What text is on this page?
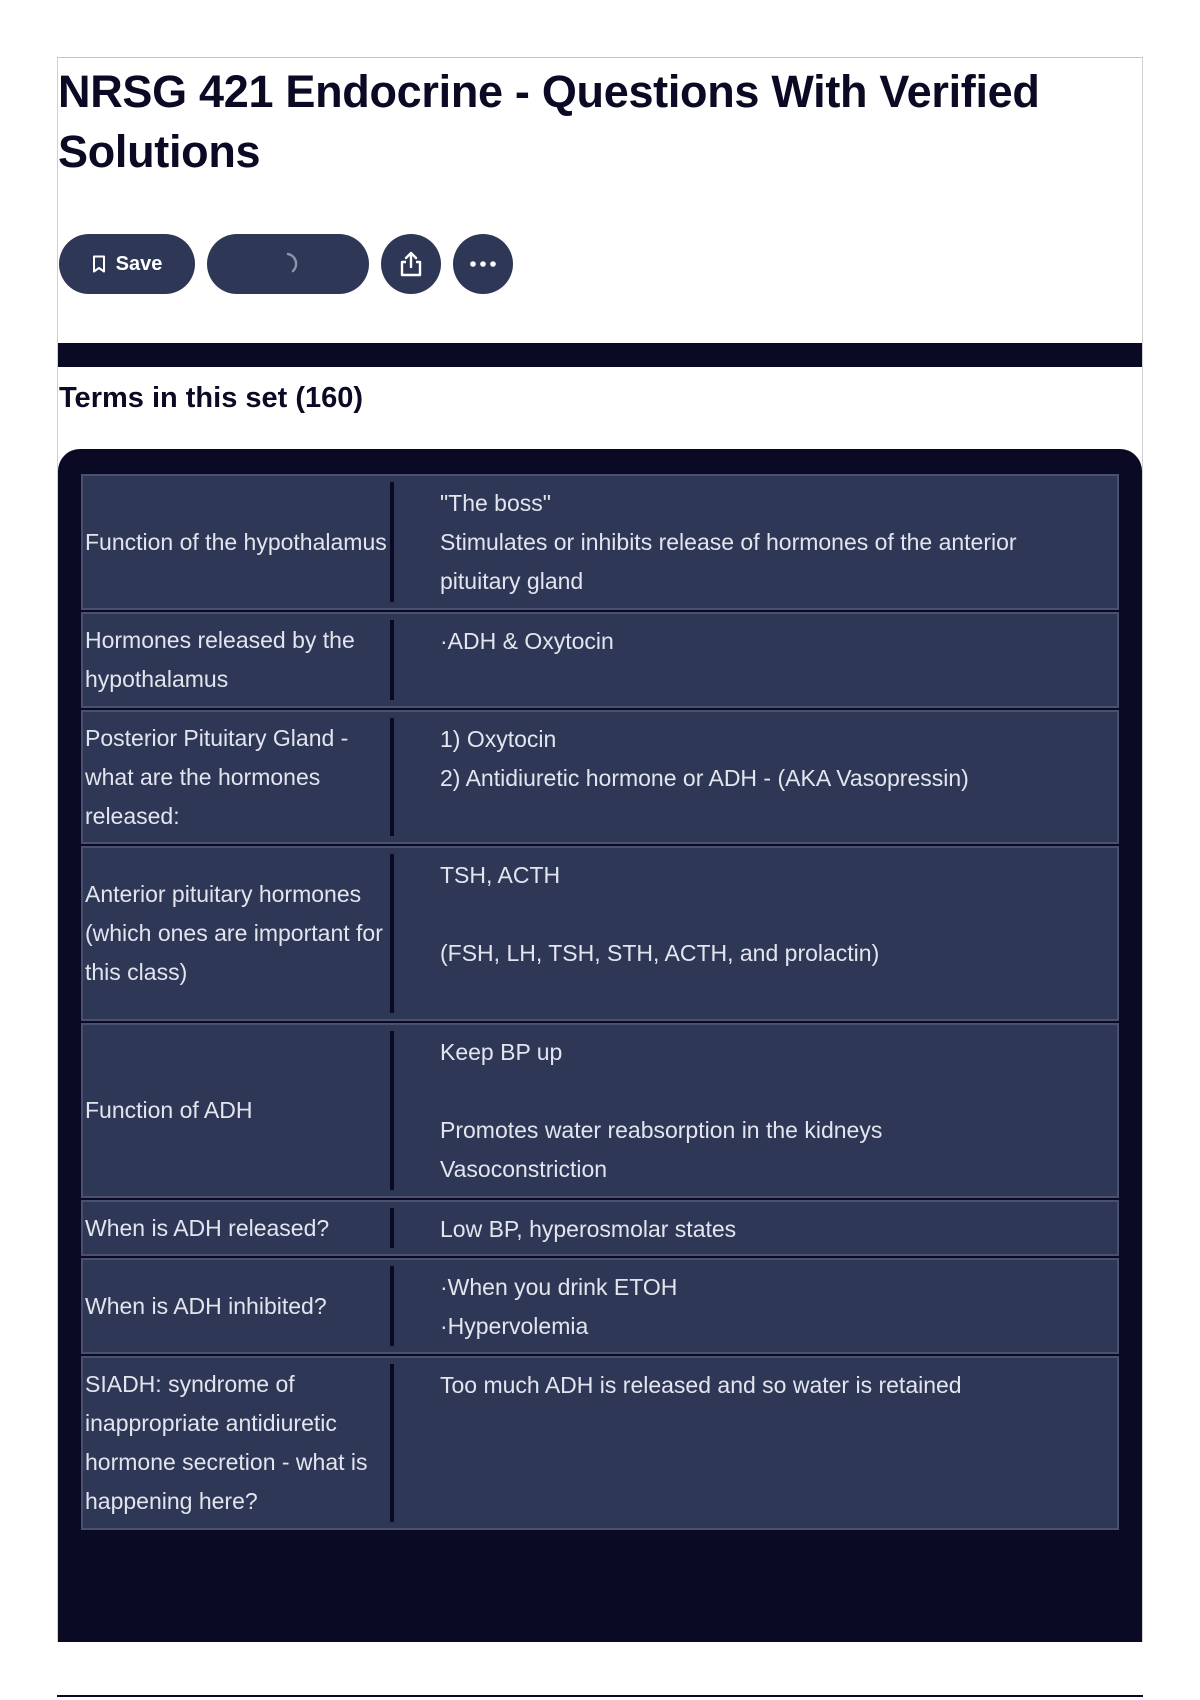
NRSG 421 Endocrine - Questions With Verified Solutions
Save
Terms in this set (160)
Function of the hypothalamus

"The boss"

Stimulates or inhibits release of hormones of the anterior pituitary gland

Hormones released by the hypothalamus

·ADH & Oxytocin

Posterior Pituitary Gland - what are the hormones released:

1) Oxytocin

2) Antidiuretic hormone or ADH - (AKA Vasopressin)

Anterior pituitary hormones (which ones are important for this class)

TSH, ACTH

(FSH, LH, TSH, STH, ACTH, and prolactin)

Function of ADH

Keep BP up

Promotes water reabsorption in the kidneys

Vasoconstriction

When is ADH released?	Low BP, hyperosmolar states

When is ADH inhibited?

·When you drink ETOH

·Hypervolemia

SIADH: syndrome of inappropriate antidiuretic hormone secretion - what is happening here?

Too much ADH is released and so water is retained
